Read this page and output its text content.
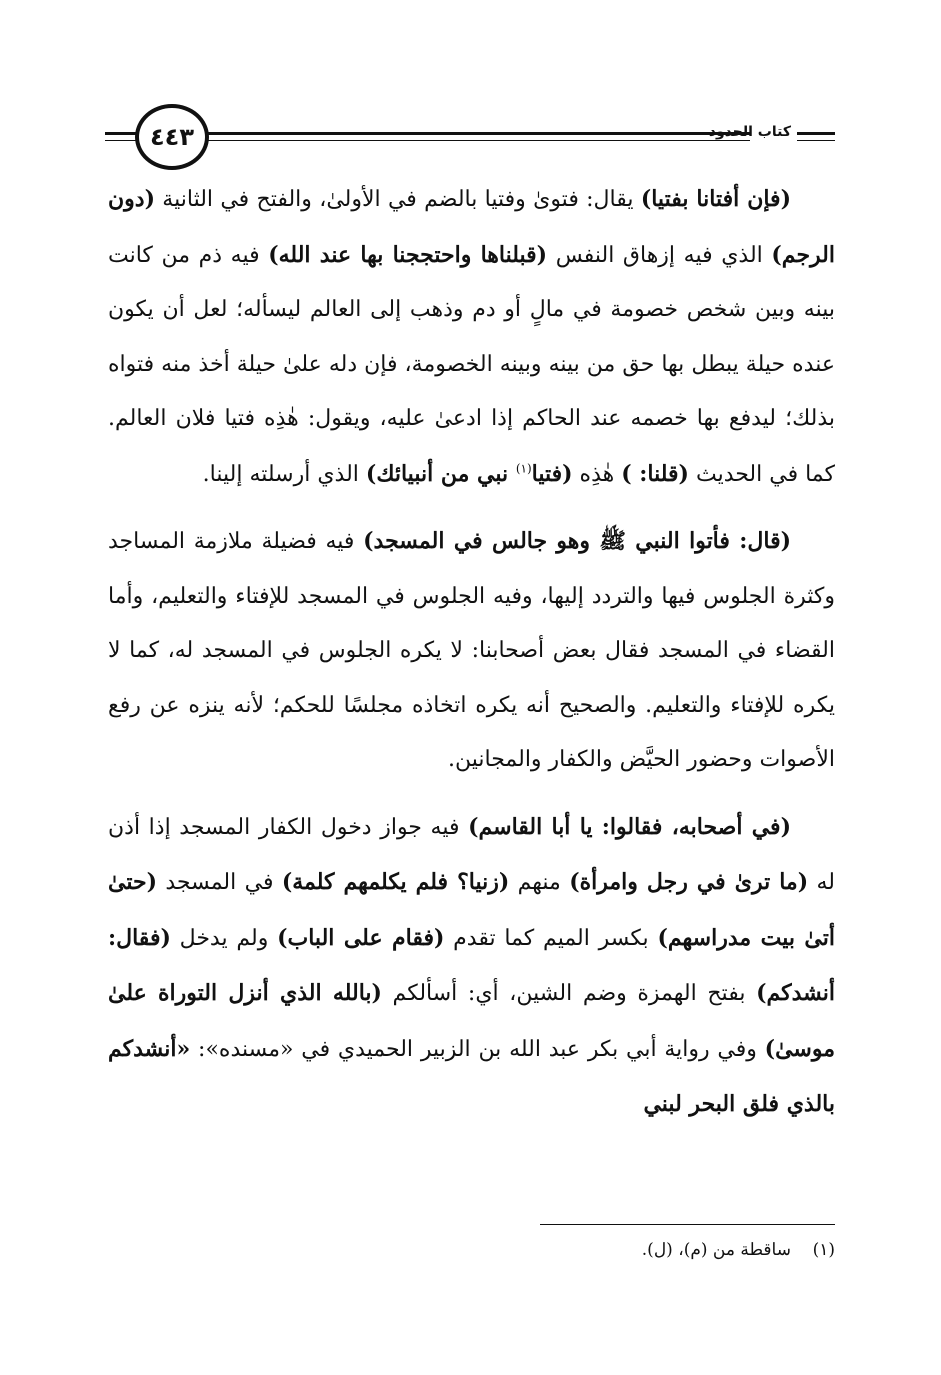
٤٤٣	كتاب الحدود

(فإن أفتانا بفتيا) يقال: فتوىٰ وفتيا بالضم في الأولىٰ، والفتح في الثانية (دون الرجم) الذي فيه إزهاق النفس (قبلناها واحتججنا بها عند الله) فيه ذم من كانت بينه وبين شخص خصومة في مالٍ أو دم وذهب إلى العالم ليسأله؛ لعل أن يكون عنده حيلة يبطل بها حق من بينه وبينه الخصومة، فإن دله علىٰ حيلة أخذ منه فتواه بذلك؛ ليدفع بها خصمه عند الحاكم إذا ادعىٰ عليه، ويقول: هٰذِه فتيا فلان العالم. كما في الحديث (قلنا: ) هٰذِه (فتيا$^{(١)}$ نبي من أنبيائك) الذي أرسلته إلينا.

(قال: فأتوا النبي ﷺ وهو جالس في المسجد) فيه فضيلة ملازمة المساجد وكثرة الجلوس فيها والتردد إليها، وفيه الجلوس في المسجد للإفتاء والتعليم، وأما القضاء في المسجد فقال بعض أصحابنا: لا يكره الجلوس في المسجد له، كما لا يكره للإفتاء والتعليم. والصحيح أنه يكره اتخاذه مجلسًا للحكم؛ لأنه ينزه عن رفع الأصوات وحضور الحيَّض والكفار والمجانين.

(في أصحابه، فقالوا: يا أبا القاسم) فيه جواز دخول الكفار المسجد إذا أذن له (ما ترىٰ في رجل وامرأة) منهم (زنيا؟ فلم يكلمهم كلمة) في المسجد (حتىٰ أتىٰ بيت مدراسهم) بكسر الميم كما تقدم (فقام على الباب) ولم يدخل (فقال: أنشدكم) بفتح الهمزة وضم الشين، أي: أسألكم (بالله الذي أنزل التوراة علىٰ موسىٰ) وفي رواية أبي بكر عبد الله بن الزبير الحميدي في «مسنده»: «أنشدكم بالذي فلق البحر لبني

(١)    ساقطة من (م)، (ل).
